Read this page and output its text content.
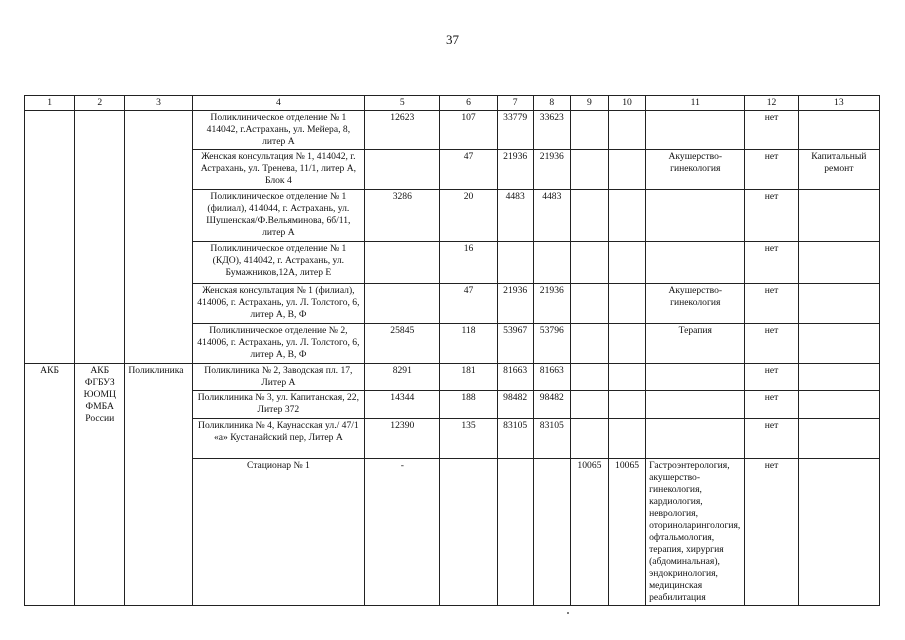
37
1	2	3	4	5	6	7	8	9	10	11	12	13
			Поликлиническое отделение № 1 414042, г.Астрахань, ул. Мейера, 8, литер А	12623	107	33779	33623				нет	
			Женская консультация № 1, 414042, г. Астрахань, ул. Тренева, 11/1, литер А, Блок 4		47	21936	21936			Акушерство-гинекология	нет	Капитальный ремонт
			Поликлиническое отделение № 1 (филиал), 414044, г. Астрахань, ул. Шушенская/Ф.Вельяминова, 6б/11, литер А	3286	20	4483	4483				нет	
			Поликлиническое отделение № 1 (КДО), 414042, г. Астрахань, ул. Бумажников,12А, литер Е		16						нет	
			Женская консультация № 1 (филиал), 414006, г. Астрахань, ул. Л. Толстого, 6, литер А, В, Ф		47	21936	21936			Акушерство-гинекология	нет	
			Поликлиническое отделение № 2, 414006, г. Астрахань, ул. Л. Толстого, 6, литер А, В, Ф	25845	118	53967	53796			Терапия	нет	
АКБ	АКБ ФГБУЗ ЮОМЦ ФМБА России	Поликлиника	Поликлиника № 2, Заводская пл. 17, Литер А	8291	181	81663	81663				нет	
			Поликлиника № 3, ул. Капитанская, 22, Литер 372	14344	188	98482	98482				нет	
			Поликлиника № 4, Каунасская ул./ 47/1 «а» Кустанайский пер, Литер А	12390	135	83105	83105				нет	
			Стационар № 1	-				10065	10065	Гастроэнтерология, акушерство-гинекология, кардиология, неврология, оториноларингология, офтальмология, терапия, хирургия (абдоминальная), эндокринология, медицинская реабилитация	нет	
